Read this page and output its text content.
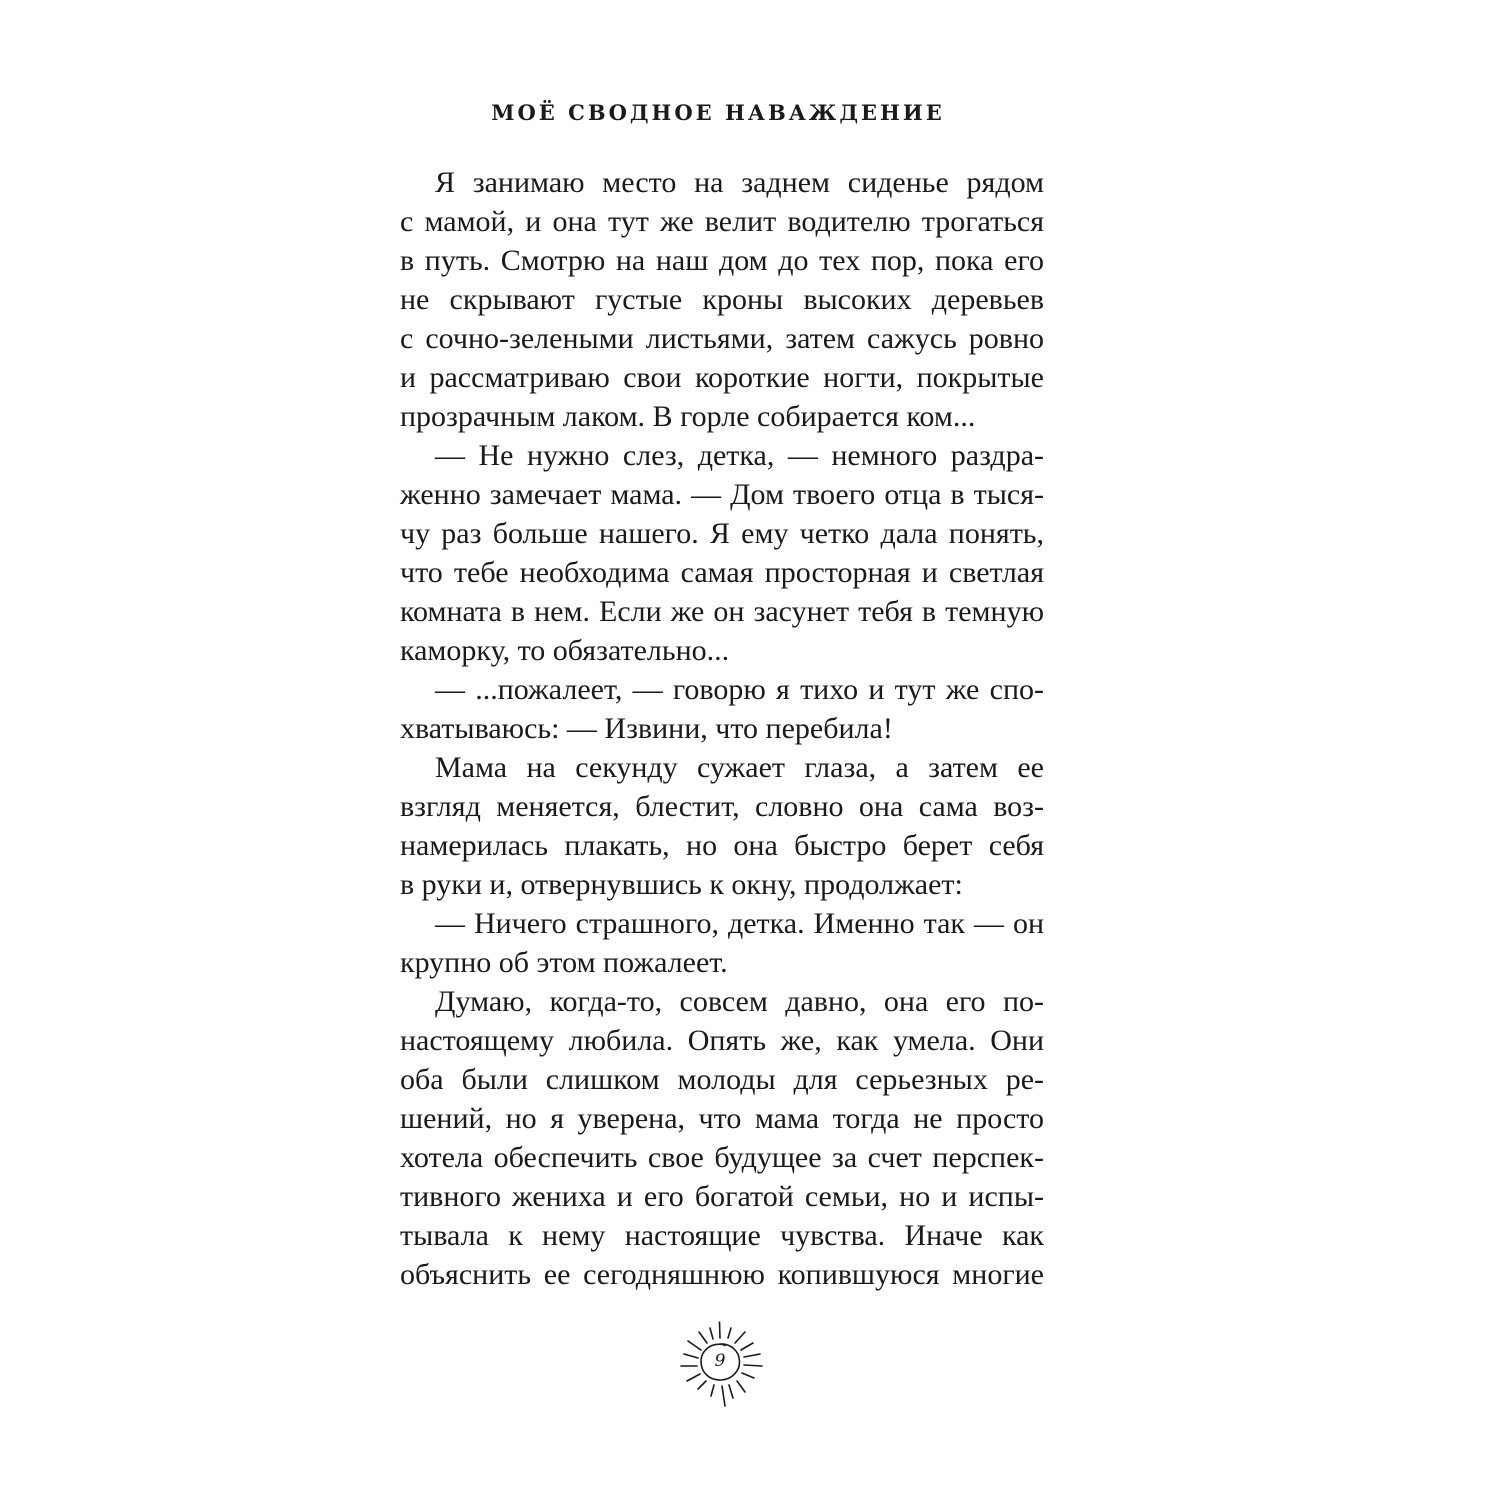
МОЁ СВОДНОЕ НАВАЖДЕНИЕ
Я занимаю место на заднем сиденье рядом
с мамой, и она тут же велит водителю трогаться
в путь. Смотрю на наш дом до тех пор, пока его
не скрывают густые кроны высоких деревьев
с сочно-зелеными листьями, затем сажусь ровно
и рассматриваю свои короткие ногти, покрытые
прозрачным лаком. В горле собирается ком...
— Не нужно слез, детка, — немного раздра-
женно замечает мама. — Дом твоего отца в тыся-
чу раз больше нашего. Я ему четко дала понять,
что тебе необходима самая просторная и светлая
комната в нем. Если же он засунет тебя в темную
каморку, то обязательно...
— ...пожалеет, — говорю я тихо и тут же спо-
хватываюсь: — Извини, что перебила!
Мама на секунду сужает глаза, а затем ее
взгляд меняется, блестит, словно она сама воз-
намерилась плакать, но она быстро берет себя
в руки и, отвернувшись к окну, продолжает:
— Ничего страшного, детка. Именно так — он
крупно об этом пожалеет.
Думаю, когда-то, совсем давно, она его по-
настоящему любила. Опять же, как умела. Они
оба были слишком молоды для серьезных ре-
шений, но я уверена, что мама тогда не просто
хотела обеспечить свое будущее за счет перспек-
тивного жениха и его богатой семьи, но и испы-
тывала к нему настоящие чувства. Иначе как
объяснить ее сегодняшнюю копившуюся многие
9
